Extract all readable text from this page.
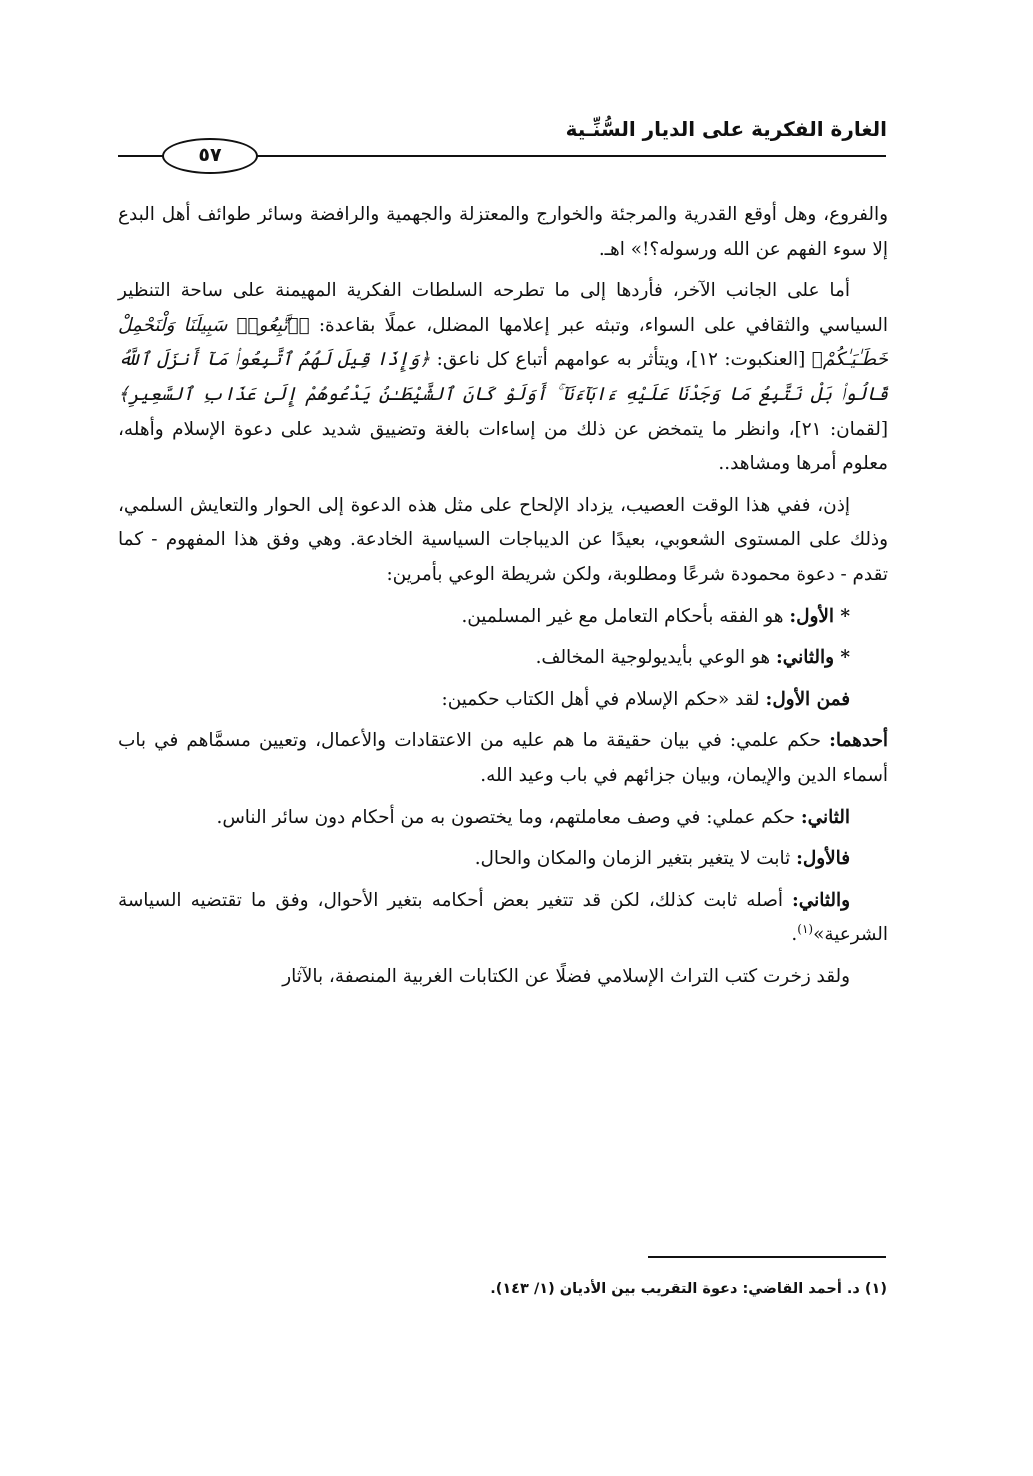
الغارة الفكرية على الديار السُّنِّـية
٥٧

والفروع، وهل أوقع القدرية والمرجئة والخوارج والمعتزلة والجهمية والرافضة وسائر طوائف أهل البدع إلا سوء الفهم عن الله ورسوله؟!» اهـ.

أما على الجانب الآخر، فأردها إلى ما تطرحه السلطات الفكرية المهيمنة على ساحة التنظير السياسي والثقافي على السواء، وتبثه عبر إعلامها المضلل، عملًا بقاعدة: ﴿ٱتَّبِعُوا۟ سَبِيلَنَا وَلْنَحْمِلْ خَطَـٰيَـٰكُمْ﴾ [العنكبوت: ١٢]، ويتأثر به عوامهم أتباع كل ناعق: ﴿وَإِذَا قِيلَ لَهُمُ ٱتَّبِعُوا۟ مَآ أَنزَلَ ٱللَّهُ قَالُوا۟ بَلْ نَتَّبِعُ مَا وَجَدْنَا عَلَيْهِ ءَابَآءَنَآ ۚ أَوَلَوْ كَانَ ٱلشَّيْطَـٰنُ يَدْعُوهُمْ إِلَىٰ عَذَابِ ٱلسَّعِيرِ﴾ [لقمان: ٢١]، وانظر ما يتمخض عن ذلك من إساءات بالغة وتضييق شديد على دعوة الإسلام وأهله، معلوم أمرها ومشاهد..

إذن، ففي هذا الوقت العصيب، يزداد الإلحاح على مثل هذه الدعوة إلى الحوار والتعايش السلمي، وذلك على المستوى الشعوبي، بعيدًا عن الديباجات السياسية الخادعة. وهي وفق هذا المفهوم - كما تقدم - دعوة محمودة شرعًا ومطلوبة، ولكن شريطة الوعي بأمرين:

* الأول: هو الفقه بأحكام التعامل مع غير المسلمين.

* والثاني: هو الوعي بأيديولوجية المخالف.

فمن الأول: لقد «حكم الإسلام في أهل الكتاب حكمين:

أحدهما: حكم علمي: في بيان حقيقة ما هم عليه من الاعتقادات والأعمال، وتعيين مسمَّاهم في باب أسماء الدين والإيمان، وبيان جزائهم في باب وعيد الله.

الثاني: حكم عملي: في وصف معاملتهم، وما يختصون به من أحكام دون سائر الناس.

فالأول: ثابت لا يتغير بتغير الزمان والمكان والحال.

والثاني: أصله ثابت كذلك، لكن قد تتغير بعض أحكامه بتغير الأحوال، وفق ما تقتضيه السياسة الشرعية»$^{(١)}$.

ولقد زخرت كتب التراث الإسلامي فضلًا عن الكتابات الغربية المنصفة، بالآثار

(١) د. أحمد القاضي: دعوة التقريب بين الأديان (١/ ١٤٣).
